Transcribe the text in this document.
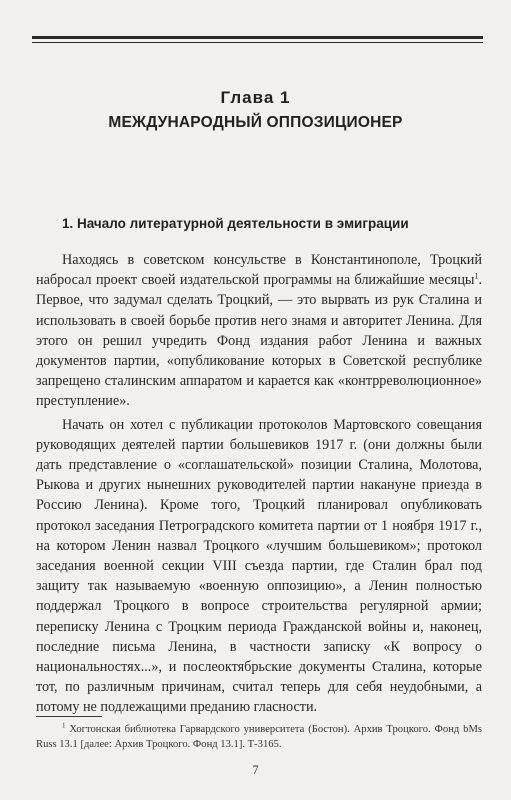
Глава 1
МЕЖДУНАРОДНЫЙ ОППОЗИЦИОНЕР
1. Начало литературной деятельности в эмиграции

Находясь в советском консульстве в Константинополе, Троцкий набросал проект своей издательской программы на ближайшие месяцы$^1$. Первое, что задумал сделать Троцкий, — это вырвать из рук Сталина и использовать в своей борьбе против него знамя и авторитет Ленина. Для этого он решил учредить Фонд издания работ Ленина и важных документов партии, «опубликование которых в Советской республике запрещено сталинским аппаратом и карается как «контрреволюционное» преступление».

Начать он хотел с публикации протоколов Мартовского совещания руководящих деятелей партии большевиков 1917 г. (они должны были дать представление о «соглашательской» позиции Сталина, Молотова, Рыкова и других нынешних руководителей партии накануне приезда в Россию Ленина). Кроме того, Троцкий планировал опубликовать протокол заседания Петроградского комитета партии от 1 ноября 1917 г., на котором Ленин назвал Троцкого «лучшим большевиком»; протокол заседания военной секции VIII съезда партии, где Сталин брал под защиту так называемую «военную оппозицию», а Ленин полностью поддержал Троцкого в вопросе строительства регулярной армии; переписку Ленина с Троцким периода Гражданской войны и, наконец, последние письма Ленина, в частности записку «К вопросу о национальностях...», и послеоктябрьские документы Сталина, которые тот, по различным причинам, считал теперь для себя неудобными, а потому не подлежащими преданию гласности.

$^1$ Хогтонская библиотека Гарвардского университета (Бостон). Архив Троцкого. Фонд bMs Russ 13.1 [далее: Архив Троцкого. Фонд 13.1]. Т-3165.

7
